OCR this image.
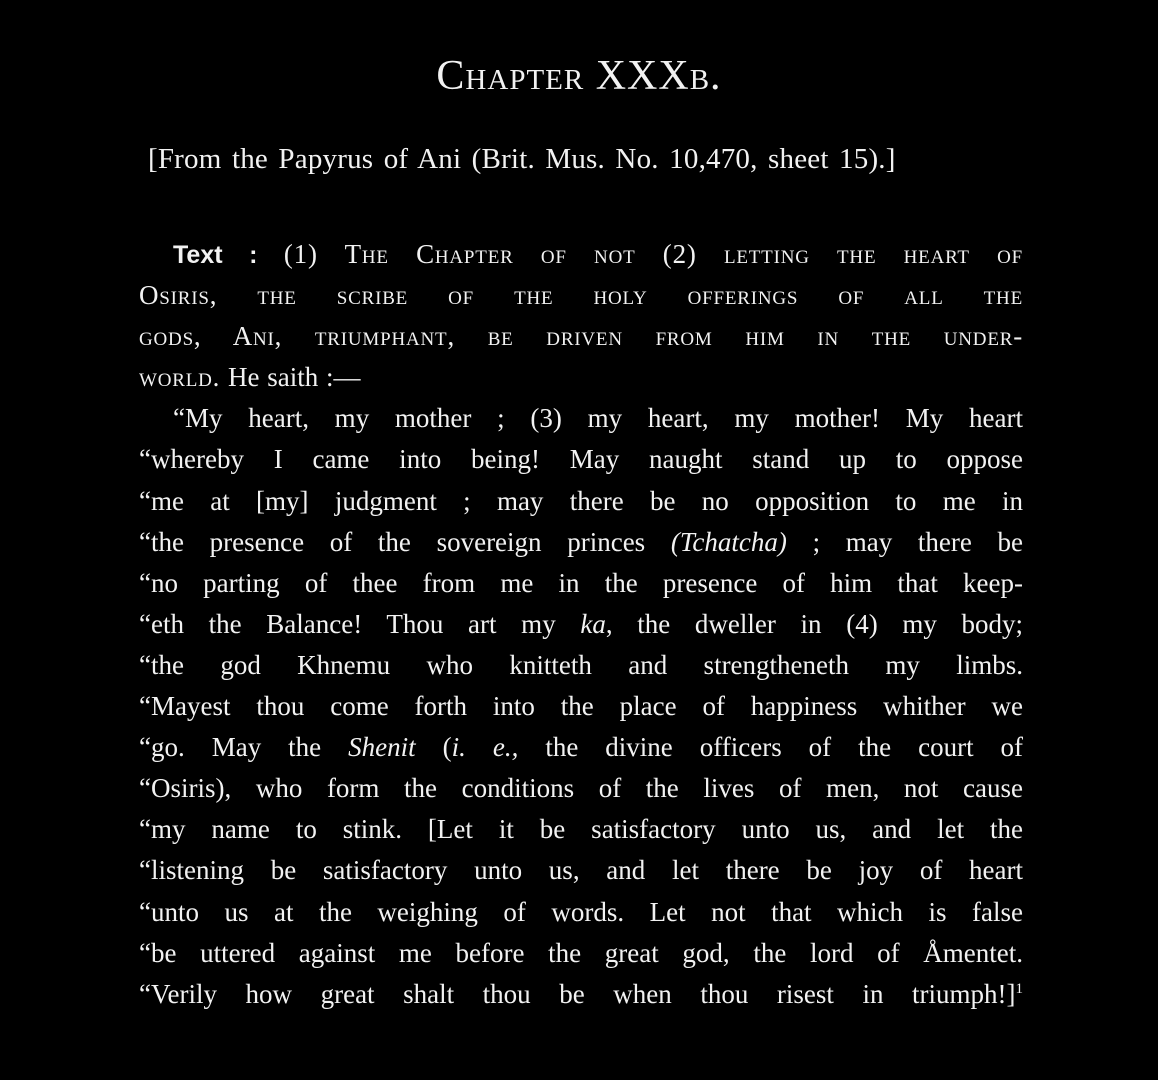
Chapter XXXb.
[From the Papyrus of Ani (Brit. Mus. No. 10,470, sheet 15).]
Text : (1) The Chapter of not (2) letting the heart of
Osiris, the scribe of the holy offerings of all the
gods, Ani, triumphant, be driven from him in the under-
world. He saith :—
“My heart, my mother ; (3) my heart, my mother! My heart
“whereby I came into being! May naught stand up to oppose
“me at [my] judgment ; may there be no opposition to me in
“the presence of the sovereign princes (Tchatcha) ; may there be
“no parting of thee from me in the presence of him that keep-
“eth the Balance! Thou art my ka, the dweller in (4) my body;
“the god Khnemu who knitteth and strengtheneth my limbs.
“Mayest thou come forth into the place of happiness whither we
“go. May the Shenit (i. e., the divine officers of the court of
“Osiris), who form the conditions of the lives of men, not cause
“my name to stink. [Let it be satisfactory unto us, and let the
“listening be satisfactory unto us, and let there be joy of heart
“unto us at the weighing of words. Let not that which is false
“be uttered against me before the great god, the lord of Åmentet.
“Verily how great shalt thou be when thou risest in triumph!]$^1$
